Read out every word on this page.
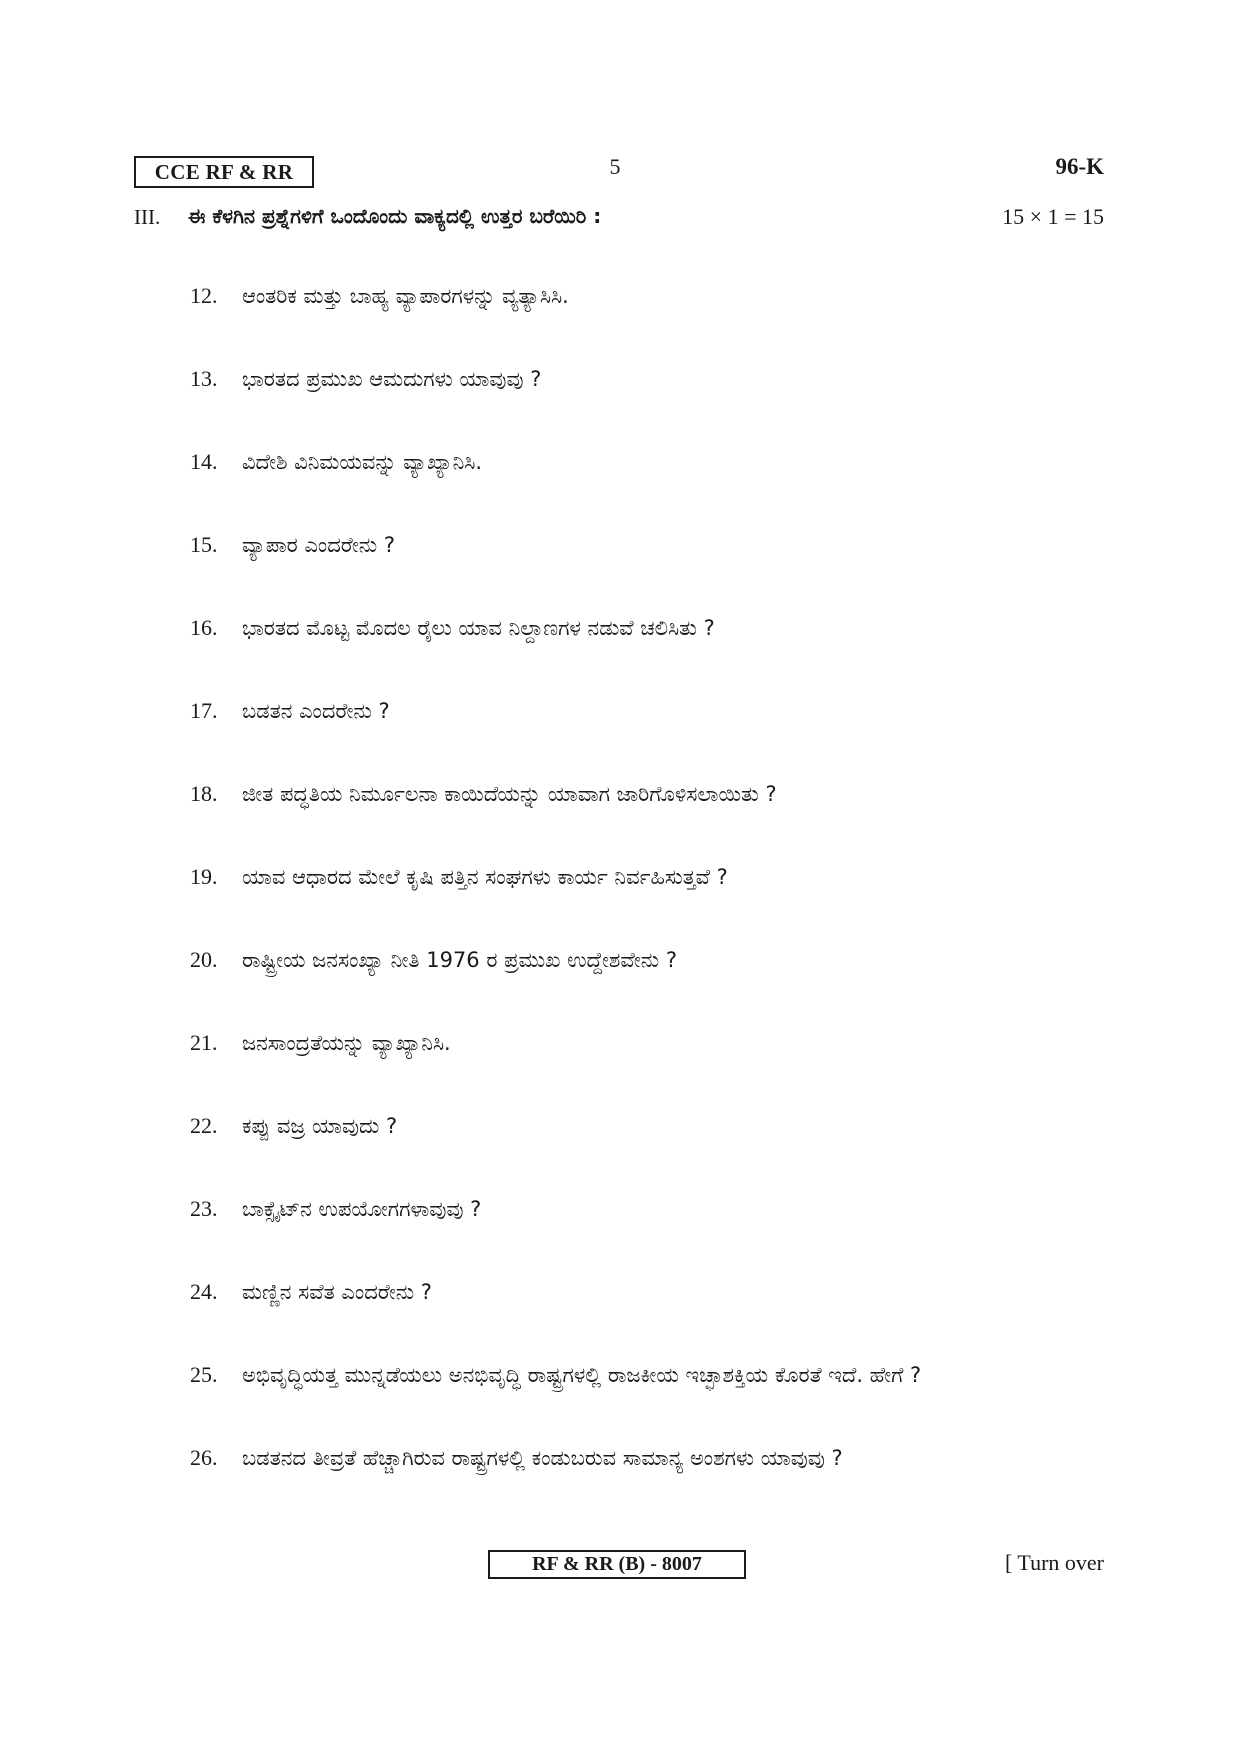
CCE RF & RR	5	96-K
III. ಈ ಕೆಳಗಿನ ಪ್ರಶ್ನೆಗಳಿಗೆ ಒಂದೊಂದು ವಾಕ್ಯದಲ್ಲಿ ಉತ್ತರ ಬರೆಯಿರಿ :	15 × 1 = 15
12. ಆಂತರಿಕ ಮತ್ತು ಬಾಹ್ಯ ವ್ಯಾಪಾರಗಳನ್ನು ವ್ಯತ್ಯಾಸಿಸಿ.
13. ಭಾರತದ ಪ್ರಮುಖ ಆಮದುಗಳು ಯಾವುವು ?
14. ವಿದೇಶಿ ವಿನಿಮಯವನ್ನು ವ್ಯಾಖ್ಯಾನಿಸಿ.
15. ವ್ಯಾಪಾರ ಎಂದರೇನು ?
16. ಭಾರತದ ಮೊಟ್ಟ ಮೊದಲ ರೈಲು ಯಾವ ನಿಲ್ದಾಣಗಳ ನಡುವೆ ಚಲಿಸಿತು ?
17. ಬಡತನ ಎಂದರೇನು ?
18. ಜೀತ ಪದ್ಧತಿಯ ನಿರ್ಮೂಲನಾ ಕಾಯಿದೆಯನ್ನು ಯಾವಾಗ ಜಾರಿಗೊಳಿಸಲಾಯಿತು ?
19. ಯಾವ ಆಧಾರದ ಮೇಲೆ ಕೃಷಿ ಪತ್ತಿನ ಸಂಘಗಳು ಕಾರ್ಯ ನಿರ್ವಹಿಸುತ್ತವೆ ?
20. ರಾಷ್ಟ್ರೀಯ ಜನಸಂಖ್ಯಾ ನೀತಿ 1976 ರ ಪ್ರಮುಖ ಉದ್ದೇಶವೇನು ?
21. ಜನಸಾಂದ್ರತೆಯನ್ನು ವ್ಯಾಖ್ಯಾನಿಸಿ.
22. ಕಪ್ಪು ವಜ್ರ ಯಾವುದು ?
23. ಬಾಕ್ಸೈಟ್‌ನ ಉಪಯೋಗಗಳಾವುವು ?
24. ಮಣ್ಣಿನ ಸವೆತ ಎಂದರೇನು ?
25. ಅಭಿವೃದ್ಧಿಯತ್ತ ಮುನ್ನಡೆಯಲು ಅನಭಿವೃದ್ಧಿ ರಾಷ್ಟ್ರಗಳಲ್ಲಿ ರಾಜಕೀಯ ಇಚ್ಛಾಶಕ್ತಿಯ ಕೊರತೆ ಇದೆ. ಹೇಗೆ ?
26. ಬಡತನದ ತೀವ್ರತೆ ಹೆಚ್ಚಾಗಿರುವ ರಾಷ್ಟ್ರಗಳಲ್ಲಿ ಕಂಡುಬರುವ ಸಾಮಾನ್ಯ ಅಂಶಗಳು ಯಾವುವು ?
RF & RR (B) - 8007	[ Turn over
